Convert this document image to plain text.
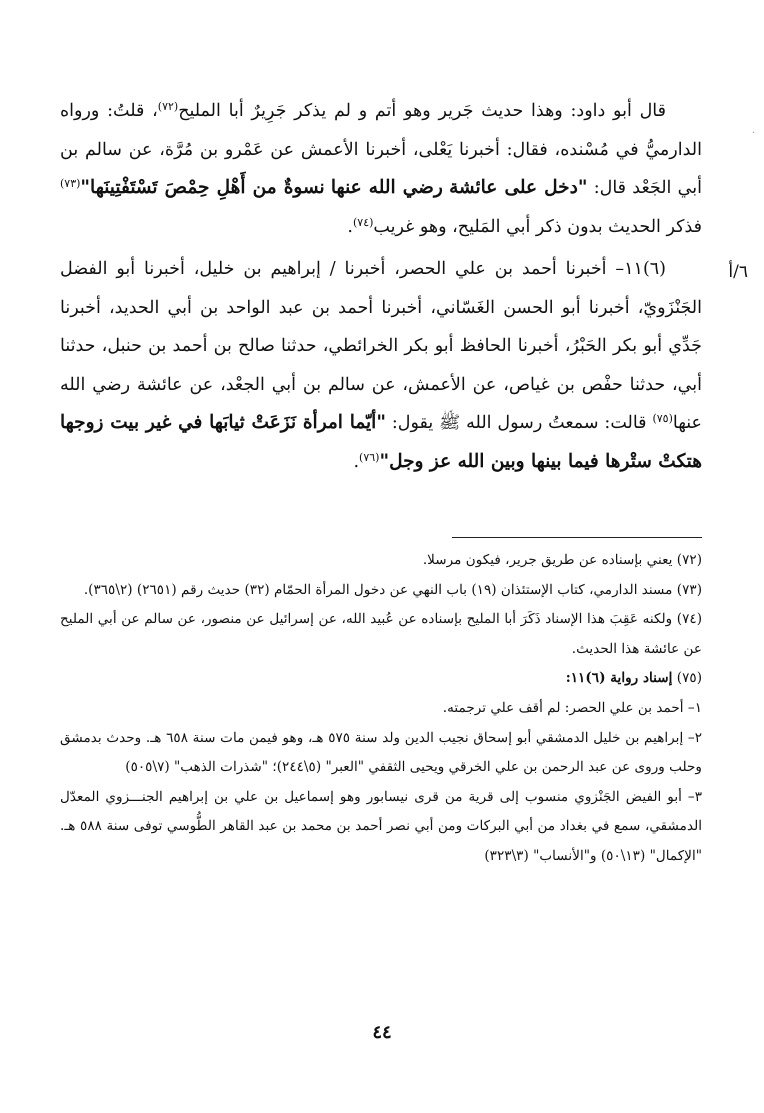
قال أبو داود: وهذا حديث جَرير وهو أتم و لم يذكر جَرِيرٌ أبا المليح$^{(٧٢)}$، قلتُ: ورواه الدارميُّ في مُسْنده، فقال: أخبرنا يَعْلى، أخبرنا الأعمش عن عَمْرو بن مُرَّة، عن سالم بن أبي الجَعْد قال: "دخل على عائشة رضي الله عنها نسوةٌ من أَهْلِ حِمْصَ تَسْتَفْتِينَها"$^{(٧٣)}$ فذكر الحديث بدون ذكر أبي المَليح، وهو غريب$^{(٧٤)}$.

(٦)١١– أخبرنا أحمد بن علي الحصر، أخبرنا / إبراهيم بن خليل، أخبرنا أبو الفضل الجَنْزَويّ، أخبرنا أبو الحسن الغَسّاني، أخبرنا أحمد بن عبد الواحد بن أبي الحديد، أخبرنا جَدِّي أبو بكر الحَبْرُ، أخبرنا الحافظ أبو بكر الخرائطي، حدثنا صالح بن أحمد بن حنبل، حدثنا أبي، حدثنا حفْص بن غياص، عن الأعمش، عن سالم بن أبي الجعْد، عن عائشة رضي الله عنها$^{(٧٥)}$ قالت: سمعتُ رسول الله ﷺ يقول: "أيّما امرأة نَزَعَتْ ثيابَها في غير بيت زوجها هتكتْ ستْرها فيما بينها وبين الله عز وجل"$^{(٧٦)}$.

٦/أ
·

(٧٢) يعني بإسناده عن طريق جرير، فيكون مرسلا.

(٧٣) مسند الدارمي، كتاب الإستئذان (١٩) باب النهي عن دخول المرأة الحمّام (٣٢) حديث رقم (٢٦٥١) (٢\٣٦٥).

(٧٤) ولكنه عَقِبَ هذا الإسناد ذَكَرَ أبا المليح بإسناده عن عُبيد الله، عن إسرائيل عن منصور، عن سالم عن أبي المليح عن عائشة هذا الحديث.

(٧٥) إسناد رواية (٦)١١:

١– أحمد بن علي الحصر: لم أقف علي ترجمته.

٢– إبراهيم بن خليل الدمشقي أبو إسحاق نجيب الدين ولد سنة ٥٧٥ هـ، وهو فيمن مات سنة ٦٥٨ هـ. وحدث بدمشق وحلب وروى عن عبد الرحمن بن علي الخرقي ويحيى الثقفي "العبر" (٥\٢٤٤)؛ "شذرات الذهب" (٧\٥٠٥)

٣– أبو الفيض الجَنْزوي منسوب إلى قرية من قرى نيسابور وهو إسماعيل بن علي بن إبراهيم الجنـــزوي المعدّل الدمشقي، سمع في بغداد من أبي البركات ومن أبي نصر أحمد بن محمد بن عبد القاهر الطُّوسي توفى سنة ٥٨٨ هـ. "الإكمال" (١٣\٥٠) و"الأنساب" (٣\٣٢٣)

٤٤
